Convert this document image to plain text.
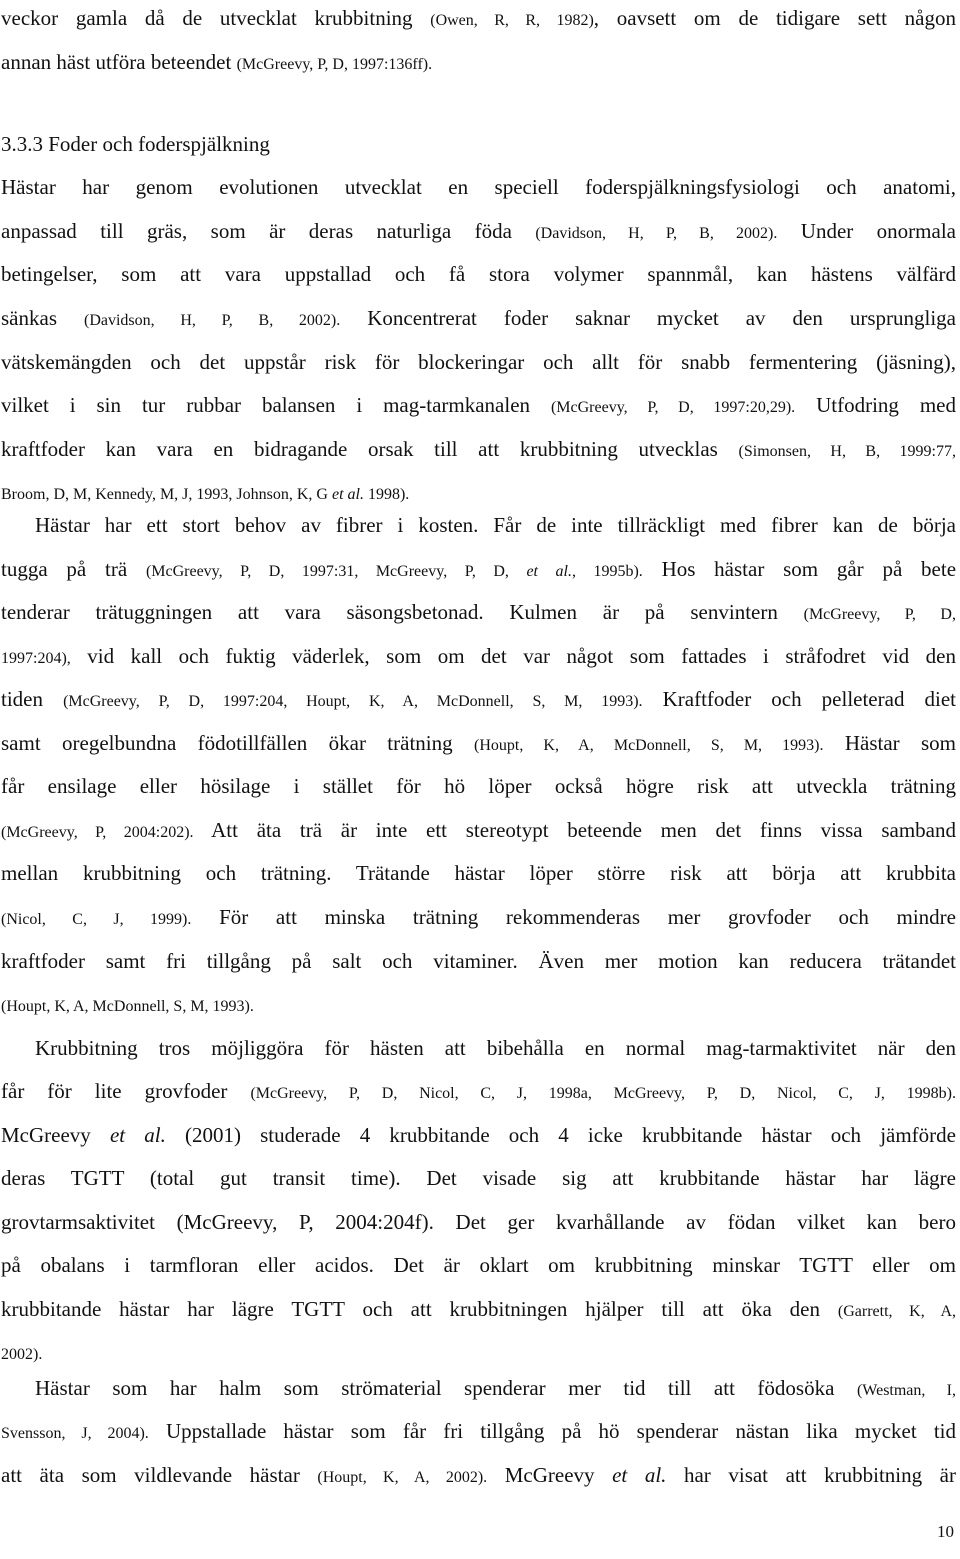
veckor gamla då de utvecklat krubbitning (Owen, R, R, 1982), oavsett om de tidigare sett någon
annan häst utföra beteendet (McGreevy, P, D, 1997:136ff).
3.3.3 Foder och foderspjälkning
Hästar har genom evolutionen utvecklat en speciell foderspjälkningsfysiologi och anatomi,
anpassad till gräs, som är deras naturliga föda (Davidson, H, P, B, 2002). Under onormala
betingelser, som att vara uppstallad och få stora volymer spannmål, kan hästens välfärd
sänkas (Davidson, H, P, B, 2002). Koncentrerat foder saknar mycket av den ursprungliga
vätskemängden och det uppstår risk för blockeringar och allt för snabb fermentering (jäsning),
vilket i sin tur rubbar balansen i mag-tarmkanalen (McGreevy, P, D, 1997:20,29). Utfodring med
kraftfoder kan vara en bidragande orsak till att krubbitning utvecklas (Simonsen, H, B, 1999:77,
Broom, D, M, Kennedy, M, J, 1993, Johnson, K, G et al. 1998).
Hästar har ett stort behov av fibrer i kosten. Får de inte tillräckligt med fibrer kan de börja
tugga på trä (McGreevy, P, D, 1997:31, McGreevy, P, D, et al., 1995b). Hos hästar som går på bete
tenderar trätuggningen att vara säsongsbetonad. Kulmen är på senvintern (McGreevy, P, D,
1997:204), vid kall och fuktig väderlek, som om det var något som fattades i stråfodret vid den
tiden (McGreevy, P, D, 1997:204, Houpt, K, A, McDonnell, S, M, 1993). Kraftfoder och pelleterad diet
samt oregelbundna födotillfällen ökar trätning (Houpt, K, A, McDonnell, S, M, 1993). Hästar som
får ensilage eller hösilage i stället för hö löper också högre risk att utveckla trätning
(McGreevy, P, 2004:202). Att äta trä är inte ett stereotypt beteende men det finns vissa samband
mellan krubbitning och trätning. Trätande hästar löper större risk att börja att krubbita
(Nicol, C, J, 1999). För att minska trätning rekommenderas mer grovfoder och mindre
kraftfoder samt fri tillgång på salt och vitaminer. Även mer motion kan reducera trätandet
(Houpt, K, A, McDonnell, S, M, 1993).
Krubbitning tros möjliggöra för hästen att bibehålla en normal mag-tarmaktivitet när den
får för lite grovfoder (McGreevy, P, D, Nicol, C, J, 1998a, McGreevy, P, D, Nicol, C, J, 1998b).
McGreevy et al. (2001) studerade 4 krubbitande och 4 icke krubbitande hästar och jämförde
deras TGTT (total gut transit time). Det visade sig att krubbitande hästar har lägre
grovtarmsaktivitet (McGreevy, P, 2004:204f). Det ger kvarhållande av födan vilket kan bero
på obalans i tarmfloran eller acidos. Det är oklart om krubbitning minskar TGTT eller om
krubbitande hästar har lägre TGTT och att krubbitningen hjälper till att öka den (Garrett, K, A,
2002).
Hästar som har halm som strömaterial spenderar mer tid till att födosöka (Westman, I,
Svensson, J, 2004). Uppstallade hästar som får fri tillgång på hö spenderar nästan lika mycket tid
att äta som vildlevande hästar (Houpt, K, A, 2002). McGreevy et al. har visat att krubbitning är
10
